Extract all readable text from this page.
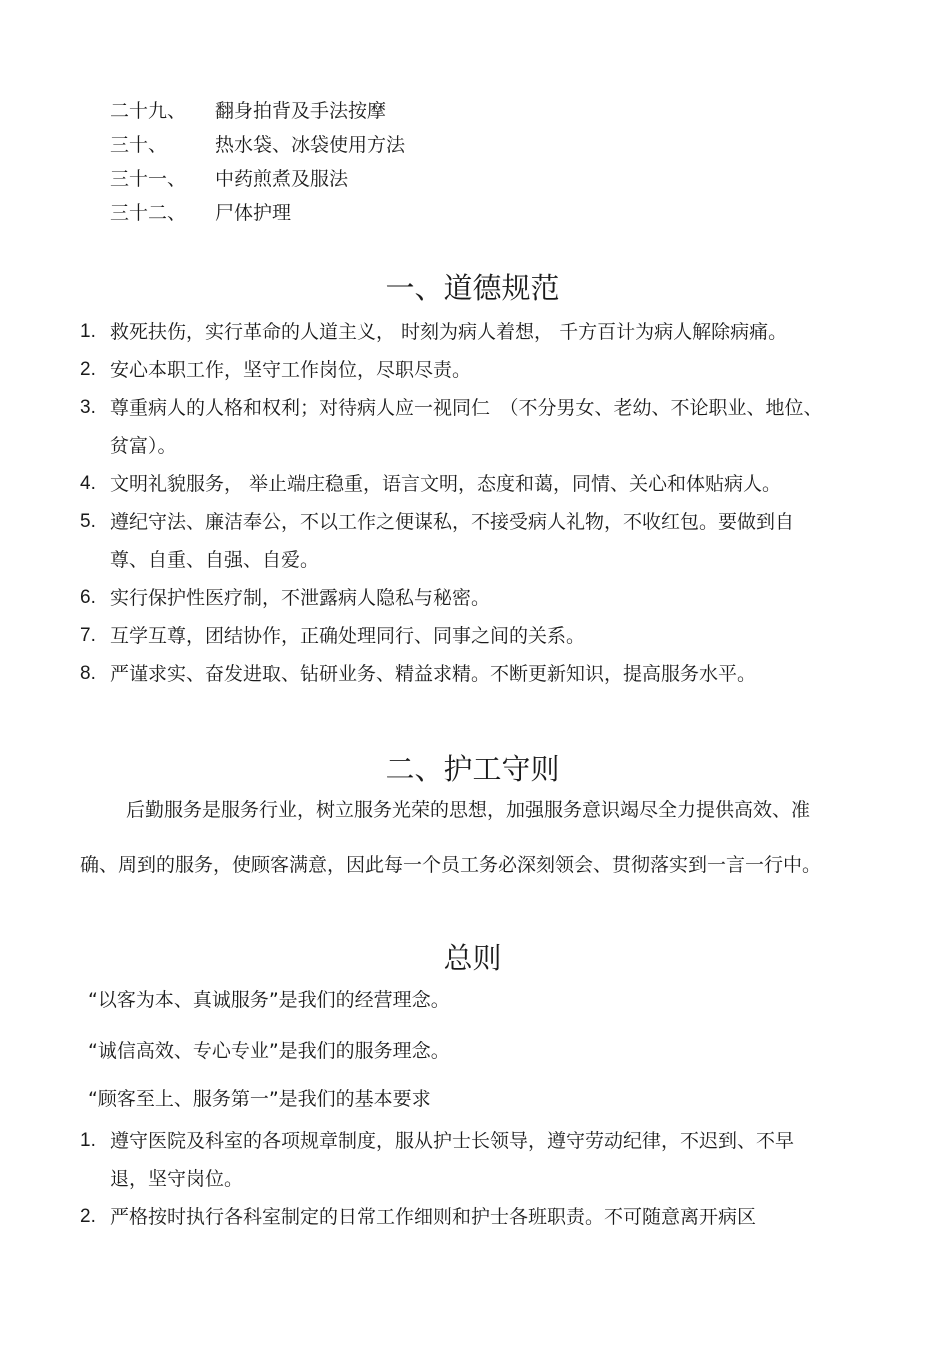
二十九、 翻身拍背及手法按摩
三十、	热水袋、冰袋使用方法
三十一、 中药煎煮及服法
三十二、 尸体护理
一、道德规范
1. 救死扶伤，实行革命的人道主义， 时刻为病人着想， 千方百计为病人解除病痛。
2. 安心本职工作，坚守工作岗位，尽职尽责。
3. 尊重病人的人格和权利；对待病人应一视同仁　（不分男女、老幼、不论职业、地位、贫富）。
4. 文明礼貌服务， 举止端庄稳重，语言文明，态度和蔼，同情、关心和体贴病人。
5. 遵纪守法、廉洁奉公，不以工作之便谋私，不接受病人礼物，不收红包。要做到自尊、自重、自强、自爱。
6. 实行保护性医疗制，不泄露病人隐私与秘密。
7. 互学互尊，团结协作，正确处理同行、同事之间的关系。
8. 严谨求实、奋发进取、钻研业务、精益求精。不断更新知识，提高服务水平。
二、护工守则
后勤服务是服务行业，树立服务光荣的思想，加强服务意识竭尽全力提供高效、准确、周到的服务，使顾客满意，因此每一个员工务必深刻领会、贯彻落实到一言一行中。
总则
“以客为本、真诚服务”是我们的经营理念。
“诚信高效、专心专业”是我们的服务理念。
“顾客至上、服务第一”是我们的基本要求
1. 遵守医院及科室的各项规章制度，服从护士长领导，遵守劳动纪律，不迟到、不早退，坚守岗位。
2. 严格按时执行各科室制定的日常工作细则和护士各班职责。不可随意离开病区
